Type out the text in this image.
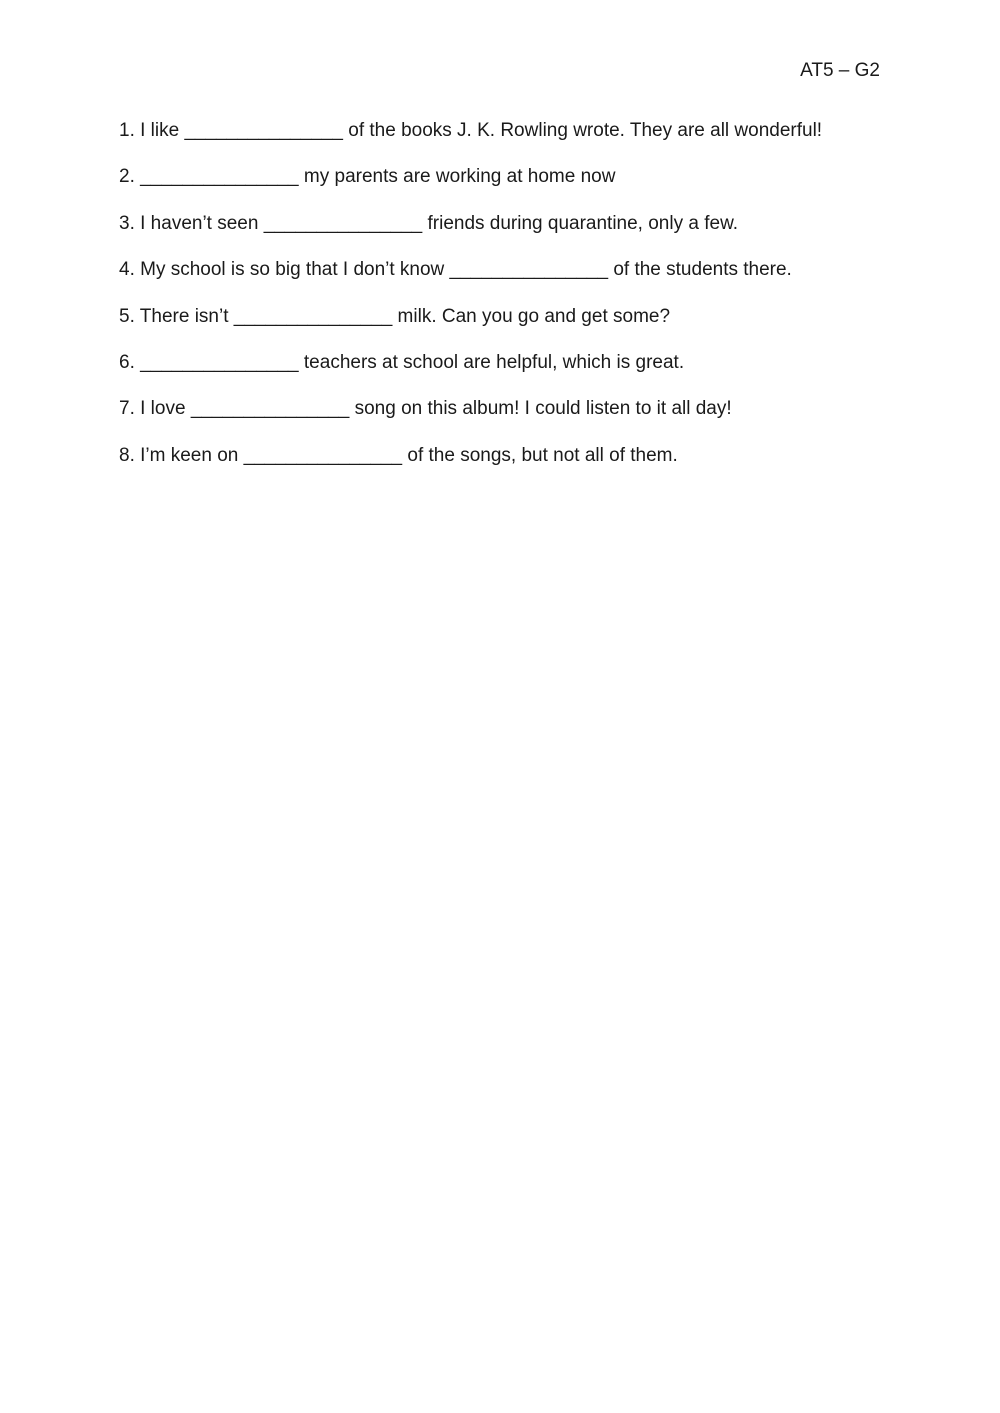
AT5 – G2
1. I like _______________ of the books J. K. Rowling wrote. They are all wonderful!
2. _______________ my parents are working at home now
3. I haven’t seen _______________ friends during quarantine, only a few.
4. My school is so big that I don’t know _______________ of the students there.
5. There isn’t _______________ milk. Can you go and get some?
6. _______________ teachers at school are helpful, which is great.
7. I love _______________ song on this album! I could listen to it all day!
8. I’m keen on _______________ of the songs, but not all of them.
